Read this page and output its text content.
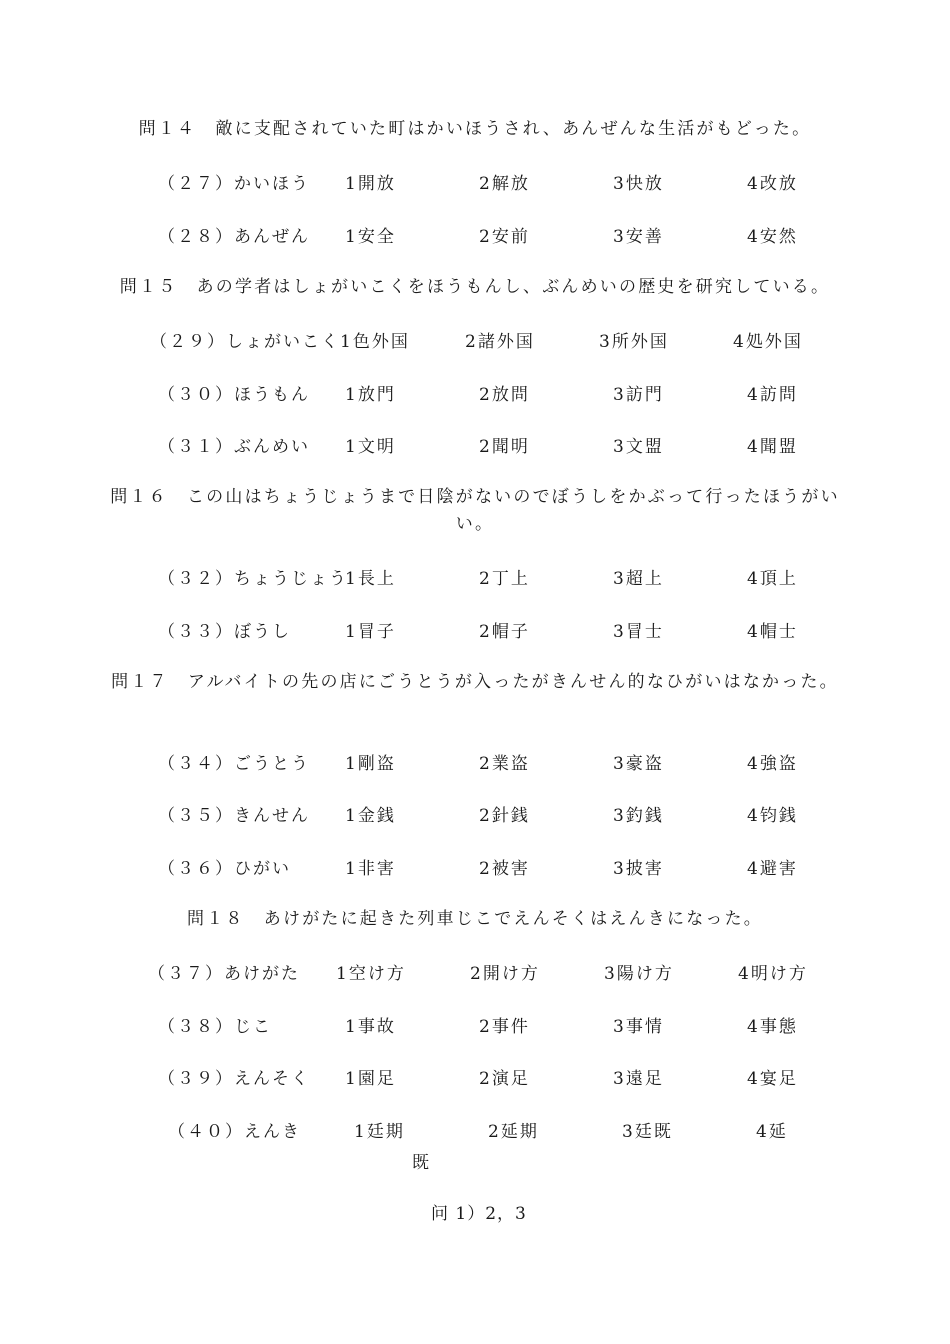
問１４　敵に支配されていた町はかいほうされ、あんぜんな生活がもどった。
（２７）かいほう 1開放	2解放	3快放	4改放
（２８）あんぜん 1安全	2安前	3安善	4安然
問１５　あの学者はしょがいこくをほうもんし、ぶんめいの歴史を研究している。
（２９）しょがいこく 1色外国	2諸外国	3所外国	4処外国
（３０）ほうもん 1放門	2放問	3訪門	4訪問
（３１）ぶんめい 1文明	2聞明	3文盟	4聞盟
問１６　この山はちょうじょうまで日陰がないのでぼうしをかぶって行ったほうがいい。
（３２）ちょうじょう
1長上	2丁上	3超上	4頂上
（３３）ぼうし	1冒子	2帽子	3冒士	4帽士
問１７　アルバイトの先の店にごうとうが入ったがきんせん的なひがいはなかった。
（３４）ごうとう 1剛盗	2業盗	3豪盗	4強盗
（３５）きんせん 1金銭	2針銭	3釣銭	4钧銭
（３６）ひがい	1非害	2被害	3披害	4避害
問１８　あけがたに起きた列車じこでえんそくはえんきになった。
（３７）あけがた 1空け方	2開け方	3陽け方	4明け方
（３８）じこ	1事故	2事件	3事情	4事態
（３９）えんそく 1園足	2演足	3遠足	4宴足
（４０）えんき	1廷期	2延期	3廷既	4延
既
问 1）2，3
